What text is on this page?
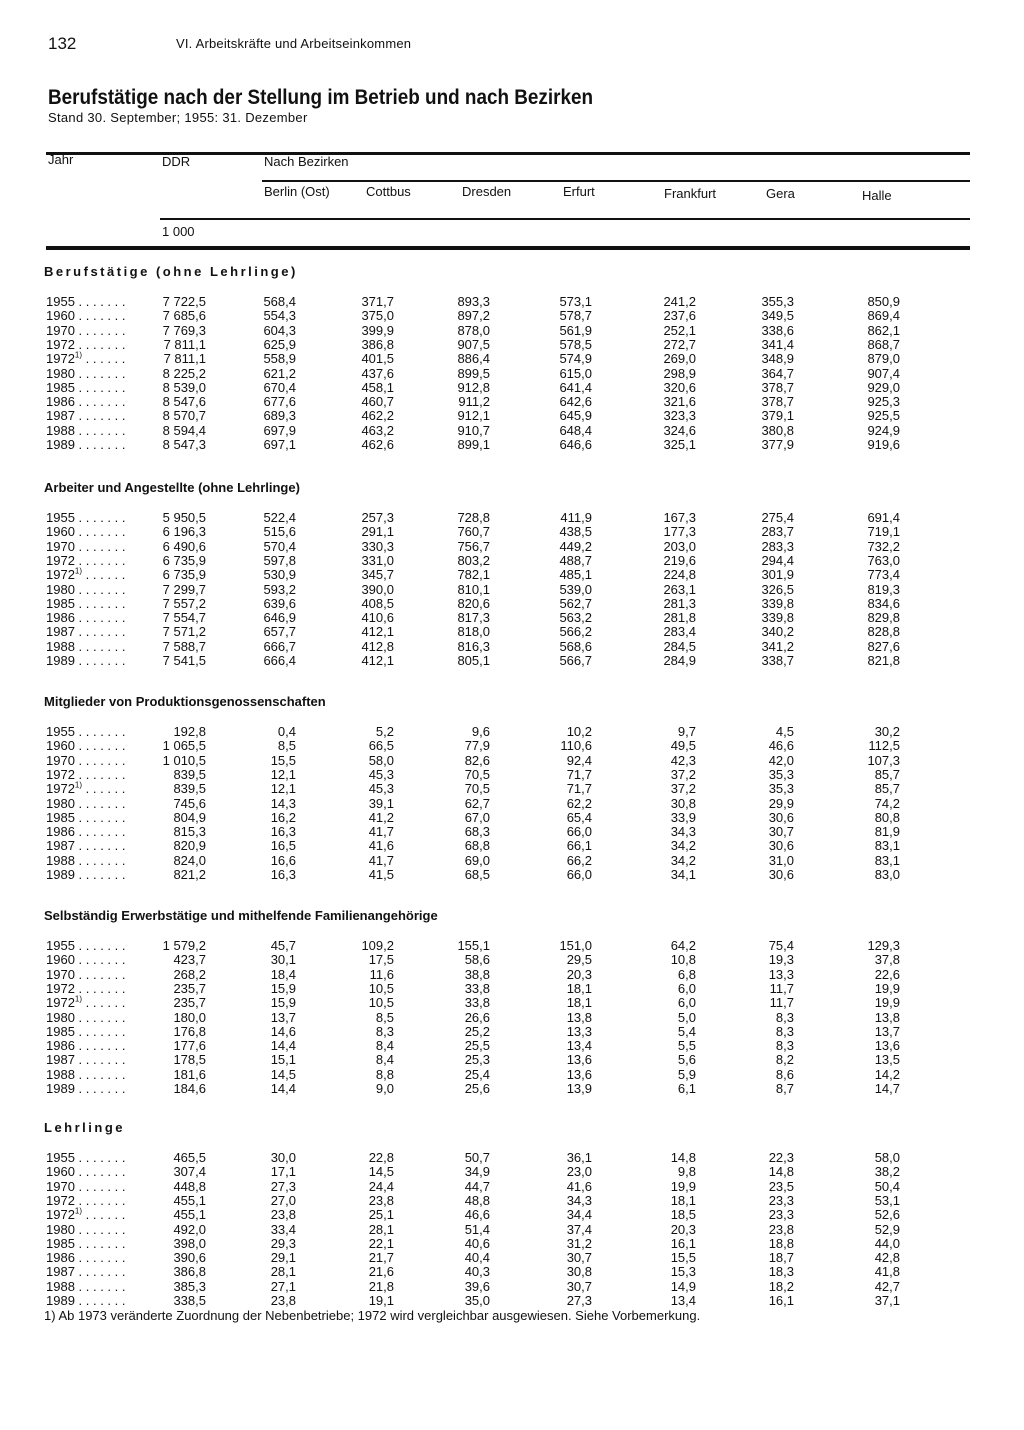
132	VI. Arbeitskräfte und Arbeitseinkommen
Berufstätige nach der Stellung im Betrieb und nach Bezirken
Stand 30. September; 1955: 31. Dezember
Jahr	DDR	Nach Bezirken
Berlin (Ost)	Cottbus	Dresden	Erfurt	Frankfurt	Gera	Halle
1 000
Berufstätige (ohne Lehrlinge)
1955 . . . . . . .	7 722,5	568,4	371,7	893,3	573,1	241,2	355,3	850,9
1960 . . . . . . .	7 685,6	554,3	375,0	897,2	578,7	237,6	349,5	869,4
1970 . . . . . . .	7 769,3	604,3	399,9	878,0	561,9	252,1	338,6	862,1
1972 . . . . . . .	7 811,1	625,9	386,8	907,5	578,5	272,7	341,4	868,7
1972$^{1)}$ . . . . . .	7 811,1	558,9	401,5	886,4	574,9	269,0	348,9	879,0
1980 . . . . . . .	8 225,2	621,2	437,6	899,5	615,0	298,9	364,7	907,4
1985 . . . . . . .	8 539,0	670,4	458,1	912,8	641,4	320,6	378,7	929,0
1986 . . . . . . .	8 547,6	677,6	460,7	911,2	642,6	321,6	378,7	925,3
1987 . . . . . . .	8 570,7	689,3	462,2	912,1	645,9	323,3	379,1	925,5
1988 . . . . . . .	8 594,4	697,9	463,2	910,7	648,4	324,6	380,8	924,9
1989 . . . . . . .	8 547,3	697,1	462,6	899,1	646,6	325,1	377,9	919,6
Arbeiter und Angestellte (ohne Lehrlinge)
1955 . . . . . . .	5 950,5	522,4	257,3	728,8	411,9	167,3	275,4	691,4
1960 . . . . . . .	6 196,3	515,6	291,1	760,7	438,5	177,3	283,7	719,1
1970 . . . . . . .	6 490,6	570,4	330,3	756,7	449,2	203,0	283,3	732,2
1972 . . . . . . .	6 735,9	597,8	331,0	803,2	488,7	219,6	294,4	763,0
1972$^{1)}$ . . . . . .	6 735,9	530,9	345,7	782,1	485,1	224,8	301,9	773,4
1980 . . . . . . .	7 299,7	593,2	390,0	810,1	539,0	263,1	326,5	819,3
1985 . . . . . . .	7 557,2	639,6	408,5	820,6	562,7	281,3	339,8	834,6
1986 . . . . . . .	7 554,7	646,9	410,6	817,3	563,2	281,8	339,8	829,8
1987 . . . . . . .	7 571,2	657,7	412,1	818,0	566,2	283,4	340,2	828,8
1988 . . . . . . .	7 588,7	666,7	412,8	816,3	568,6	284,5	341,2	827,6
1989 . . . . . . .	7 541,5	666,4	412,1	805,1	566,7	284,9	338,7	821,8
Mitglieder von Produktionsgenossenschaften
1955 . . . . . . .	192,8	0,4	5,2	9,6	10,2	9,7	4,5	30,2
1960 . . . . . . .	1 065,5	8,5	66,5	77,9	110,6	49,5	46,6	112,5
1970 . . . . . . .	1 010,5	15,5	58,0	82,6	92,4	42,3	42,0	107,3
1972 . . . . . . .	839,5	12,1	45,3	70,5	71,7	37,2	35,3	85,7
1972$^{1)}$ . . . . . .	839,5	12,1	45,3	70,5	71,7	37,2	35,3	85,7
1980 . . . . . . .	745,6	14,3	39,1	62,7	62,2	30,8	29,9	74,2
1985 . . . . . . .	804,9	16,2	41,2	67,0	65,4	33,9	30,6	80,8
1986 . . . . . . .	815,3	16,3	41,7	68,3	66,0	34,3	30,7	81,9
1987 . . . . . . .	820,9	16,5	41,6	68,8	66,1	34,2	30,6	83,1
1988 . . . . . . .	824,0	16,6	41,7	69,0	66,2	34,2	31,0	83,1
1989 . . . . . . .	821,2	16,3	41,5	68,5	66,0	34,1	30,6	83,0
Selbständig Erwerbstätige und mithelfende Familienangehörige
1955 . . . . . . .	1 579,2	45,7	109,2	155,1	151,0	64,2	75,4	129,3
1960 . . . . . . .	423,7	30,1	17,5	58,6	29,5	10,8	19,3	37,8
1970 . . . . . . .	268,2	18,4	11,6	38,8	20,3	6,8	13,3	22,6
1972 . . . . . . .	235,7	15,9	10,5	33,8	18,1	6,0	11,7	19,9
1972$^{1)}$ . . . . . .	235,7	15,9	10,5	33,8	18,1	6,0	11,7	19,9
1980 . . . . . . .	180,0	13,7	8,5	26,6	13,8	5,0	8,3	13,8
1985 . . . . . . .	176,8	14,6	8,3	25,2	13,3	5,4	8,3	13,7
1986 . . . . . . .	177,6	14,4	8,4	25,5	13,4	5,5	8,3	13,6
1987 . . . . . . .	178,5	15,1	8,4	25,3	13,6	5,6	8,2	13,5
1988 . . . . . . .	181,6	14,5	8,8	25,4	13,6	5,9	8,6	14,2
1989 . . . . . . .	184,6	14,4	9,0	25,6	13,9	6,1	8,7	14,7
Lehrlinge
1955 . . . . . . .	465,5	30,0	22,8	50,7	36,1	14,8	22,3	58,0
1960 . . . . . . .	307,4	17,1	14,5	34,9	23,0	9,8	14,8	38,2
1970 . . . . . . .	448,8	27,3	24,4	44,7	41,6	19,9	23,5	50,4
1972 . . . . . . .	455,1	27,0	23,8	48,8	34,3	18,1	23,3	53,1
1972$^{1)}$ . . . . . .	455,1	23,8	25,1	46,6	34,4	18,5	23,3	52,6
1980 . . . . . . .	492,0	33,4	28,1	51,4	37,4	20,3	23,8	52,9
1985 . . . . . . .	398,0	29,3	22,1	40,6	31,2	16,1	18,8	44,0
1986 . . . . . . .	390,6	29,1	21,7	40,4	30,7	15,5	18,7	42,8
1987 . . . . . . .	386,8	28,1	21,6	40,3	30,8	15,3	18,3	41,8
1988 . . . . . . .	385,3	27,1	21,8	39,6	30,7	14,9	18,2	42,7
1989 . . . . . . .	338,5	23,8	19,1	35,0	27,3	13,4	16,1	37,1
1) Ab 1973 veränderte Zuordnung der Nebenbetriebe; 1972 wird vergleichbar ausgewiesen. Siehe Vorbemerkung.
